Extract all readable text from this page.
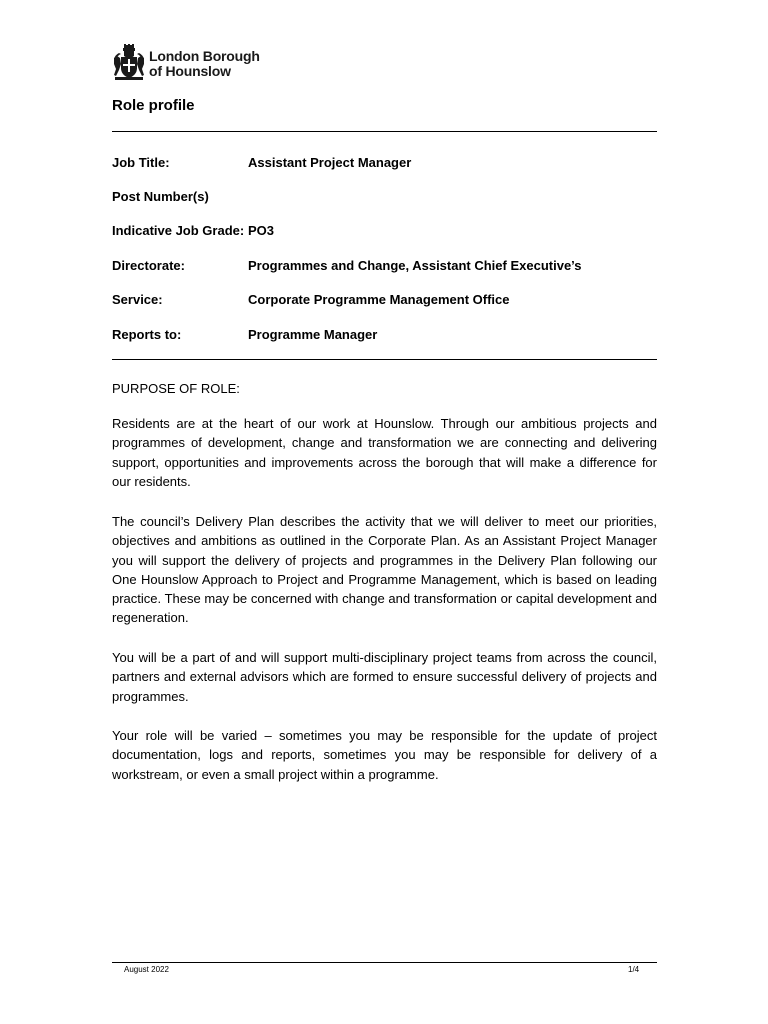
London Borough
of Hounslow
Role profile
Job Title:	Assistant Project Manager
Post Number(s)
Indicative Job Grade: PO3
Directorate:	Programmes and Change, Assistant Chief Executive’s
Service:	Corporate Programme Management Office
Reports to:	Programme Manager
PURPOSE OF ROLE:

Residents are at the heart of our work at Hounslow. Through our ambitious projects and programmes of development, change and transformation we are connecting and delivering support, opportunities and improvements across the borough that will make a difference for our residents.

The council’s Delivery Plan describes the activity that we will deliver to meet our priorities, objectives and ambitions as outlined in the Corporate Plan. As an Assistant Project Manager you will support the delivery of projects and programmes in the Delivery Plan following our One Hounslow Approach to Project and Programme Management, which is based on leading practice. These may be concerned with change and transformation or capital development and regeneration.

You will be a part of and will support multi-disciplinary project teams from across the council, partners and external advisors which are formed to ensure successful delivery of projects and programmes.

Your role will be varied – sometimes you may be responsible for the update of project documentation, logs and reports, sometimes you may be responsible for delivery of a workstream, or even a small project within a programme.

August 2022	1/4
